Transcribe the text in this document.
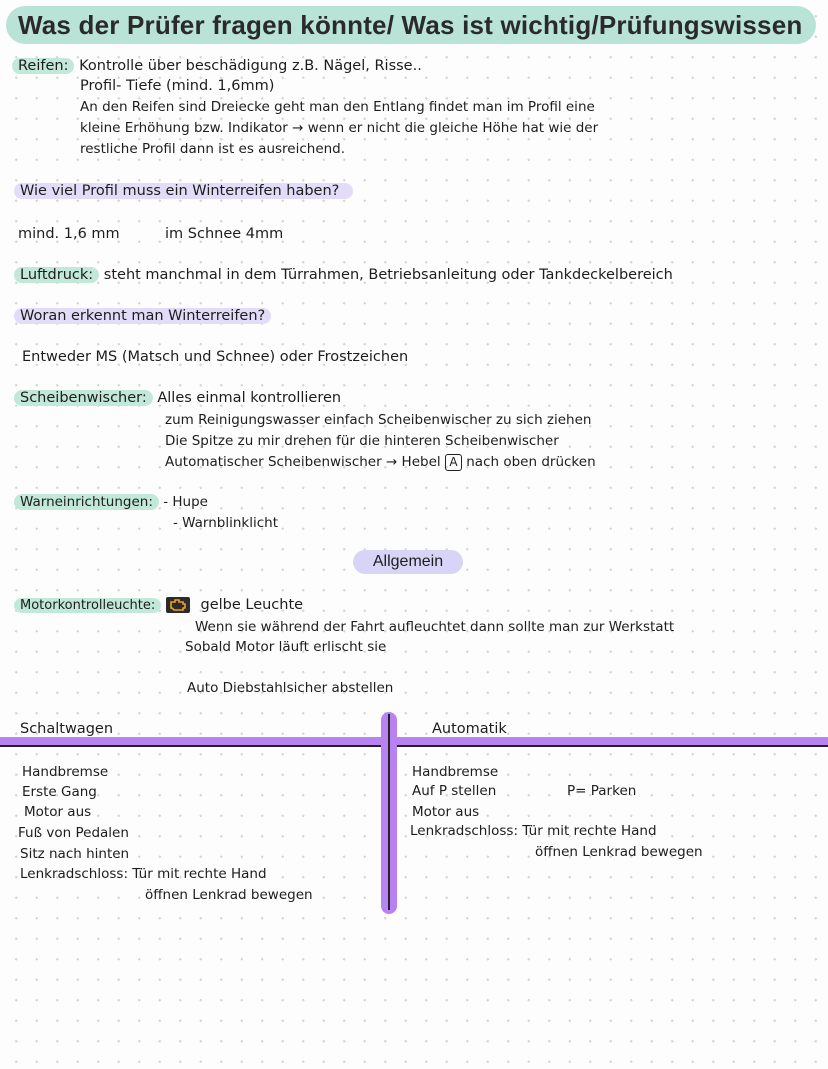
Was der Prüfer fragen könnte/ Was ist wichtig/Prüfungswissen
Reifen: Kontrolle über beschädigung z.B. Nägel, Risse..
Profil- Tiefe (mind. 1,6mm)
An den Reifen sind Dreiecke geht man den Entlang findet man im Profil eine
kleine Erhöhung bzw. Indikator → wenn er nicht die gleiche Höhe hat wie der
restliche Profil dann ist es ausreichend.
Wie viel Profil muss ein Winterreifen haben?
mind. 1,6 mm	im Schnee 4mm
Luftdruck: steht manchmal in dem Türrahmen, Betriebsanleitung oder Tankdeckelbereich
Woran erkennt man Winterreifen?
Entweder MS (Matsch und Schnee) oder Frostzeichen
Scheibenwischer: Alles einmal kontrollieren
zum Reinigungswasser einfach Scheibenwischer zu sich ziehen
Die Spitze zu mir drehen für die hinteren Scheibenwischer
Automatischer Scheibenwischer → Hebel A nach oben drücken
Warneinrichtungen: - Hupe
- Warnblinklicht
Allgemein
Motorkontrolleuchte:	gelbe Leuchte
Wenn sie während der Fahrt aufleuchtet dann sollte man zur Werkstatt
Sobald Motor läuft erlischt sie
Auto Diebstahlsicher abstellen
Schaltwagen
Handbremse
Erste Gang
Motor aus
Fuß von Pedalen
Sitz nach hinten
Lenkradschloss: Tür mit rechte Hand
öffnen Lenkrad bewegen
Automatik
Handbremse
Auf P stellen	P= Parken
Motor aus
Lenkradschloss: Tür mit rechte Hand
öffnen Lenkrad bewegen
